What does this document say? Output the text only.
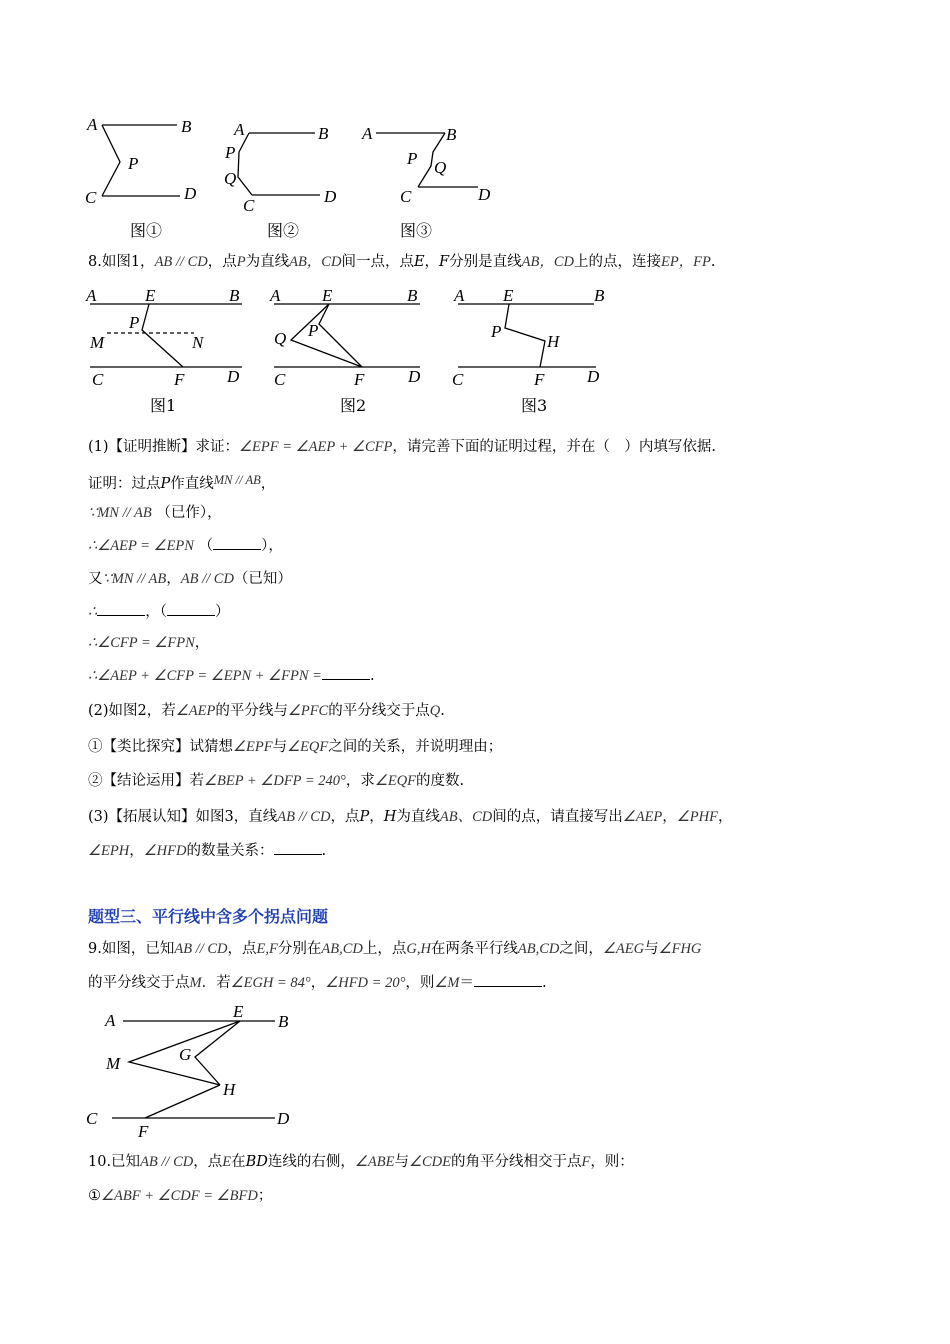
A	B
P
C	D
图①
A	B
P
Q
C	D
图②
A	B
P Q
C	D
图③
8.如图1，AB // CD，点P为直线AB，CD间一点，点E，F分别是直线AB，CD上的点，连接EP，FP.
A	E	B
P
M	N
C	F	D
图1
A E	B
Q P
C	F	D
图2
A E	B
P
H
C	F	D
图3
(1)【证明推断】求证：∠EPF = ∠AEP + ∠CFP，请完善下面的证明过程，并在（　）内填写依据.
证明：过点P作直线MN // AB，
∵MN // AB （已作），
∴∠AEP = ∠EPN （	），
又∵MN // AB，AB // CD（已知）
∴	，（	）
∴∠CFP = ∠FPN，
∴∠AEP + ∠CFP = ∠EPN + ∠FPN =	.
(2)如图2，若∠AEP的平分线与∠PFC的平分线交于点Q.
①【类比探究】试猜想∠EPF与∠EQF之间的关系，并说明理由；
②【结论运用】若∠BEP + ∠DFP = 240°，求∠EQF的度数.
(3)【拓展认知】如图3，直线AB // CD，点P，H为直线AB、CD间的点，请直接写出∠AEP，∠PHF，
∠EPH，∠HFD的数量关系：	.
题型三、平行线中含多个拐点问题
9.如图，已知AB // CD，点E,F分别在AB,CD上，点G,H在两条平行线AB,CD之间，∠AEG与∠FHG
的平分线交于点M．若∠EGH = 84°，∠HFD = 20°，则∠M＝	.
A	E
B
M	G
H
C	D
F
10.已知AB // CD，点E在BD连线的右侧，∠ABE与∠CDE的角平分线相交于点F，则：
①∠ABF + ∠CDF = ∠BFD；
